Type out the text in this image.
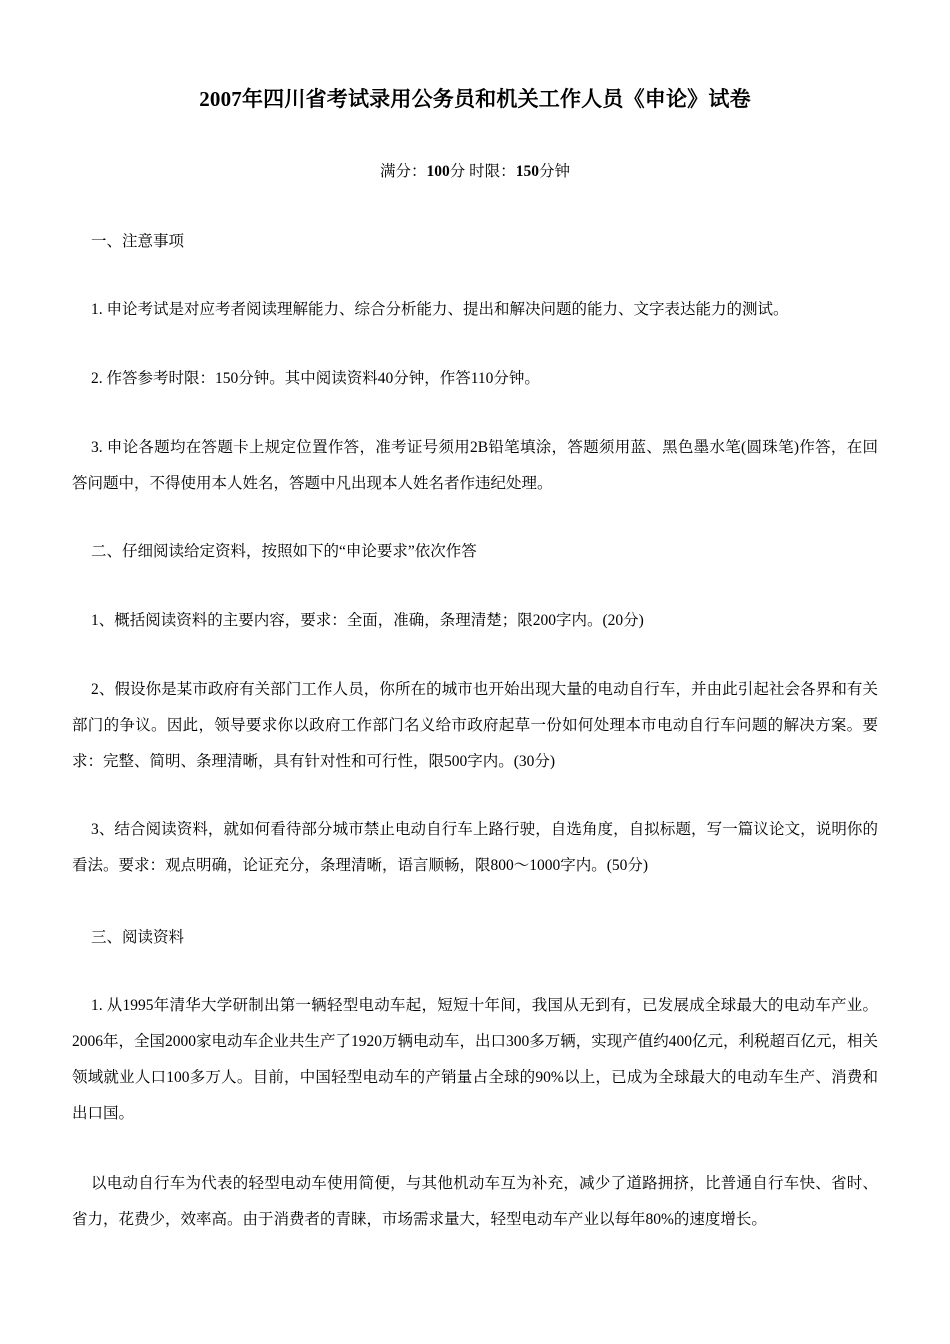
2007年四川省考试录用公务员和机关工作人员《申论》试卷
满分：100分 时限：150分钟
一、注意事项
1. 申论考试是对应考者阅读理解能力、综合分析能力、提出和解决问题的能力、文字表达能力的测试。
2. 作答参考时限：150分钟。其中阅读资料40分钟，作答110分钟。
3. 申论各题均在答题卡上规定位置作答，准考证号须用2B铅笔填涂，答题须用蓝、黑色墨水笔(圆珠笔)作答，在回答问题中，不得使用本人姓名，答题中凡出现本人姓名者作违纪处理。
二、仔细阅读给定资料，按照如下的“申论要求”依次作答
1、概括阅读资料的主要内容，要求：全面，准确，条理清楚；限200字内。(20分)
2、假设你是某市政府有关部门工作人员，你所在的城市也开始出现大量的电动自行车，并由此引起社会各界和有关部门的争议。因此，领导要求你以政府工作部门名义给市政府起草一份如何处理本市电动自行车问题的解决方案。要求：完整、简明、条理清晰，具有针对性和可行性，限500字内。(30分)
3、结合阅读资料，就如何看待部分城市禁止电动自行车上路行驶，自选角度，自拟标题，写一篇议论文，说明你的看法。要求：观点明确，论证充分，条理清晰，语言顺畅，限800～1000字内。(50分)
三、阅读资料
1. 从1995年清华大学研制出第一辆轻型电动车起，短短十年间，我国从无到有，已发展成全球最大的电动车产业。2006年，全国2000家电动车企业共生产了1920万辆电动车，出口300多万辆，实现产值约400亿元，利税超百亿元，相关领域就业人口100多万人。目前，中国轻型电动车的产销量占全球的90%以上，已成为全球最大的电动车生产、消费和出口国。
以电动自行车为代表的轻型电动车使用简便，与其他机动车互为补充，减少了道路拥挤，比普通自行车快、省时、省力，花费少，效率高。由于消费者的青睐，市场需求量大，轻型电动车产业以每年80%的速度增长。
